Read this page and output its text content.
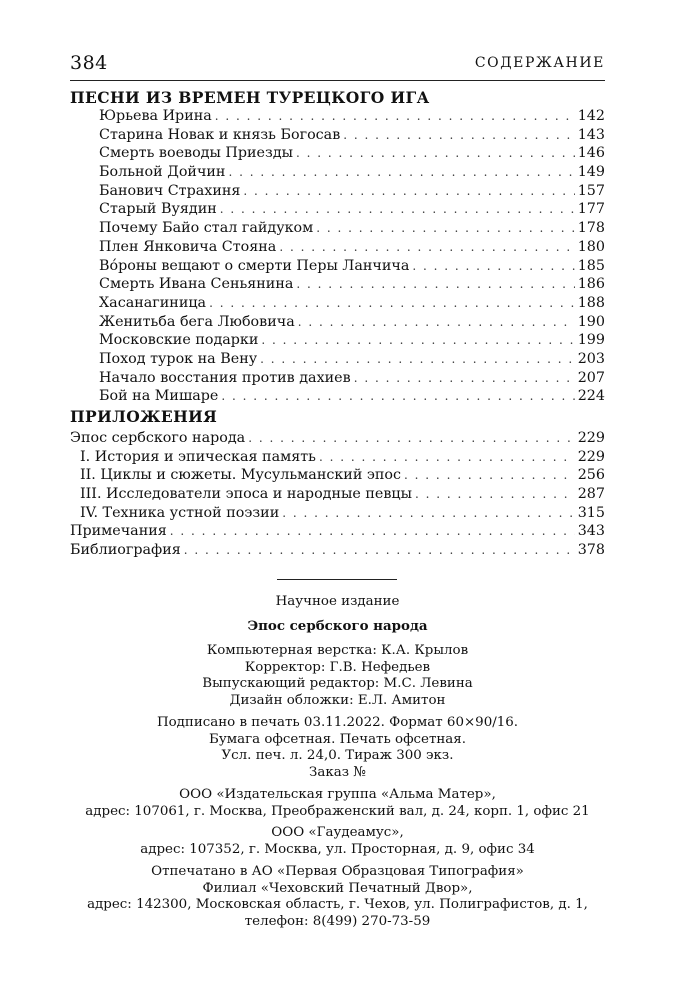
384	СОДЕРЖАНИЕ
ПЕСНИ ИЗ ВРЕМЕН ТУРЕЦКОГО ИГА
Юрьева Ирина . . .	142
Старина Новак и князь Богосав . . .	143
Смерть воеводы Приезды . . .	146
Больной Дойчин . . .	149
Банович Страхиня . . .	157
Старый Вуядин . . .	177
Почему Байо стал гайдуком . . .	178
Плен Янковича Стояна . . .	180
Вóроны вещают о смерти Перы Ланчича . . .	185
Смерть Ивана Сеньянина . . .	186
Хасанагиница . . .	188
Женитьба бега Любовича . . .	190
Московские подарки . . .	199
Поход турок на Вену . . .	203
Начало восстания против дахиев . . .	207
Бой на Мишаре . . .	224
ПРИЛОЖЕНИЯ
Эпос сербского народа . . .	229
I. История и эпическая память . . .	229
II. Циклы и сюжеты. Мусульманский эпос . . .	256
III. Исследователи эпоса и народные певцы . . .	287
IV. Техника устной поэзии . . .	315
Примечания . . .	343
Библиография . . .	378
Научное издание
Эпос сербского народа
Компьютерная верстка: К.А. Крылов
Корректор: Г.В. Нефедьев
Выпускающий редактор: М.С. Левина
Дизайн обложки: Е.Л. Амитон
Подписано в печать 03.11.2022. Формат 60×90/16.
Бумага офсетная. Печать офсетная.
Усл. печ. л. 24,0. Тираж 300 экз.
Заказ №
ООО «Издательская группа «Альма Матер»,
адрес: 107061, г. Москва, Преображенский вал, д. 24, корп. 1, офис 21
ООО «Гаудеамус»,
адрес: 107352, г. Москва, ул. Просторная, д. 9, офис 34
Отпечатано в АО «Первая Образцовая Типография»
Филиал «Чеховский Печатный Двор»,
адрес: 142300, Московская область, г. Чехов, ул. Полиграфистов, д. 1,
телефон: 8(499) 270-73-59
